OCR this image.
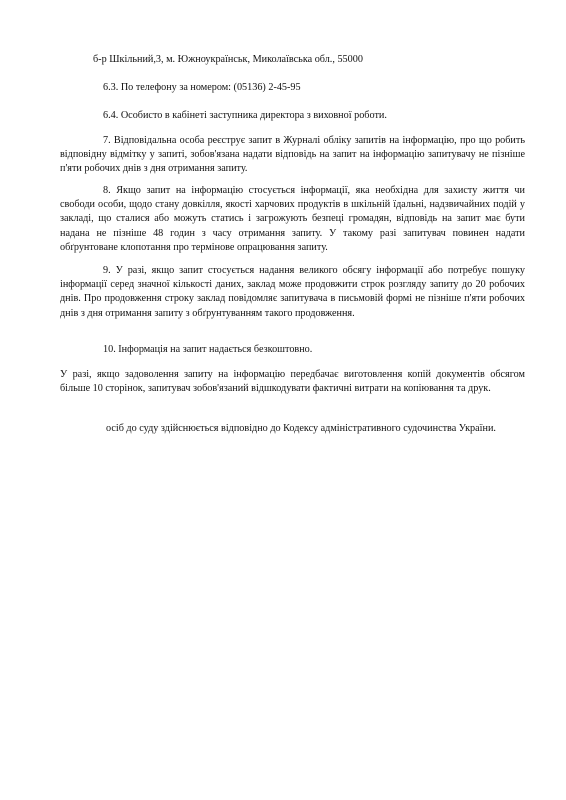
б-р Шкільний,3, м. Южноукраїнськ, Миколаївська обл., 55000
6.3. По телефону за номером: (05136) 2-45-95
6.4. Особисто в кабінеті заступника директора з виховної роботи.
7. Відповідальна особа реєструє запит в Журналі обліку запитів на інформацію, про що робить відповідну відмітку у запиті, зобов'язана надати відповідь на запит на інформацію запитувачу не пізніше п'яти робочих днів з дня отримання запиту.
8. Якщо запит на інформацію стосується інформації, яка необхідна для захисту життя чи свободи особи, щодо стану довкілля, якості харчових продуктів в шкільній їдальні, надзвичайних подій у закладі, що сталися або можуть статись і загрожують безпеці громадян, відповідь на запит має бути надана не пізніше 48 годин з часу отримання запиту. У такому разі запитувач повинен надати обґрунтоване клопотання про термінове опрацювання запиту.
9. У разі, якщо запит стосується надання великого обсягу інформації або потребує пошуку інформації серед значної кількості даних, заклад може продовжити строк розгляду запиту до 20 робочих днів. Про продовження строку заклад повідомляє запитувача в письмовій формі не пізніше п'яти робочих днів з дня отримання запиту з обґрунтуванням такого продовження.
10. Інформація на запит надається безкоштовно.
У разі, якщо задоволення запиту на інформацію передбачає виготовлення копій документів обсягом більше 10 сторінок, запитувач зобов'язаний відшкодувати фактичні витрати на копіювання та друк.
осіб до суду здійснюється відповідно до Кодексу адміністративного судочинства України.
